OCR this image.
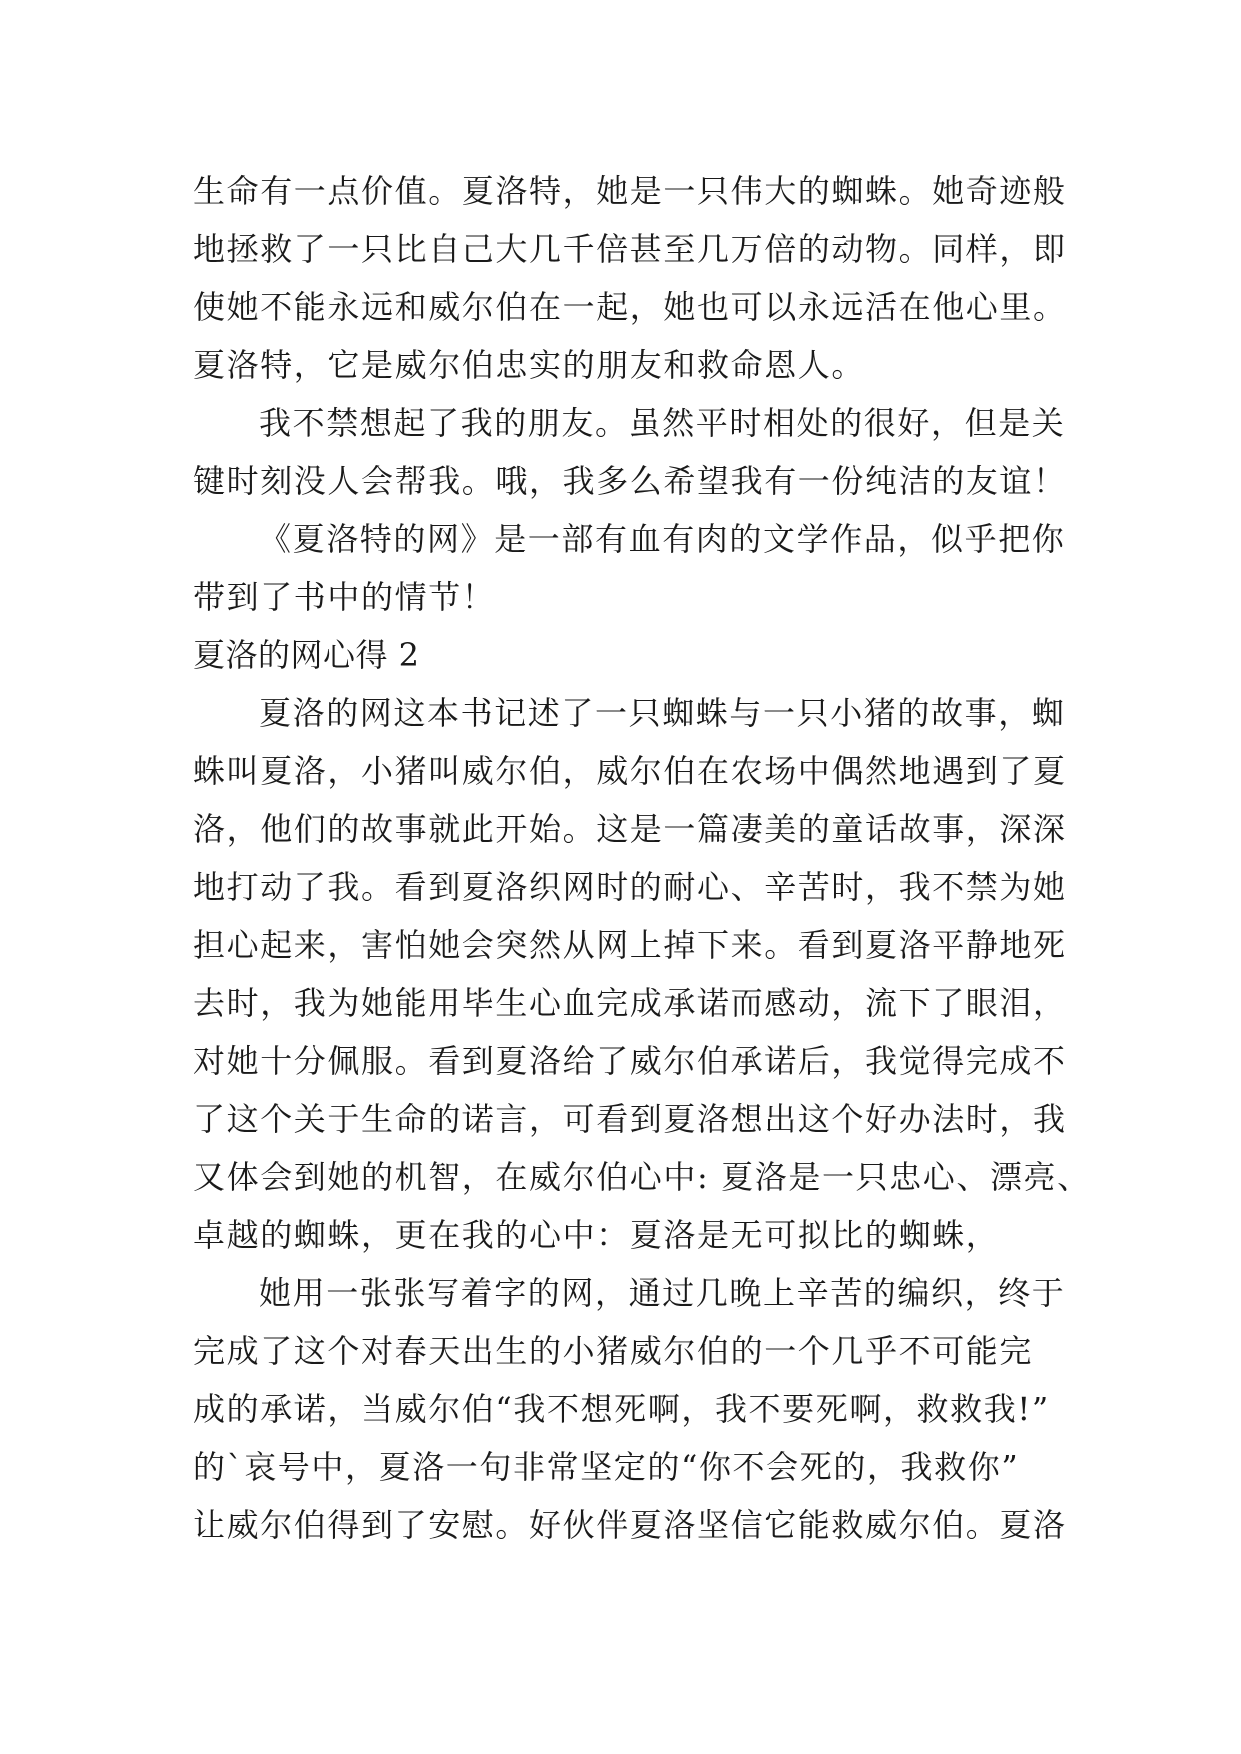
生命有一点价值。夏洛特，她是一只伟大的蜘蛛。她奇迹般
地拯救了一只比自己大几千倍甚至几万倍的动物。同样，即
使她不能永远和威尔伯在一起，她也可以永远活在他心里。
夏洛特，它是威尔伯忠实的朋友和救命恩人。
我不禁想起了我的朋友。虽然平时相处的很好，但是关
键时刻没人会帮我。哦，我多么希望我有一份纯洁的友谊！
《夏洛特的网》是一部有血有肉的文学作品，似乎把你
带到了书中的情节！
夏洛的网心得 2
夏洛的网这本书记述了一只蜘蛛与一只小猪的故事，蜘
蛛叫夏洛，小猪叫威尔伯，威尔伯在农场中偶然地遇到了夏
洛，他们的故事就此开始。这是一篇凄美的童话故事，深深
地打动了我。看到夏洛织网时的耐心、辛苦时，我不禁为她
担心起来，害怕她会突然从网上掉下来。看到夏洛平静地死
去时，我为她能用毕生心血完成承诺而感动，流下了眼泪，
对她十分佩服。看到夏洛给了威尔伯承诺后，我觉得完成不
了这个关于生命的诺言，可看到夏洛想出这个好办法时，我
又体会到她的机智，在威尔伯心中: 夏洛是一只忠心、漂亮、
卓越的蜘蛛，更在我的心中：夏洛是无可拟比的蜘蛛，
她用一张张写着字的网，通过几晚上辛苦的编织，终于
完成了这个对春天出生的小猪威尔伯的一个几乎不可能完
成的承诺，当威尔伯“我不想死啊，我不要死啊，救救我!”
的`哀号中，夏洛一句非常坚定的“你不会死的，我救你”
让威尔伯得到了安慰。好伙伴夏洛坚信它能救威尔伯。夏洛
